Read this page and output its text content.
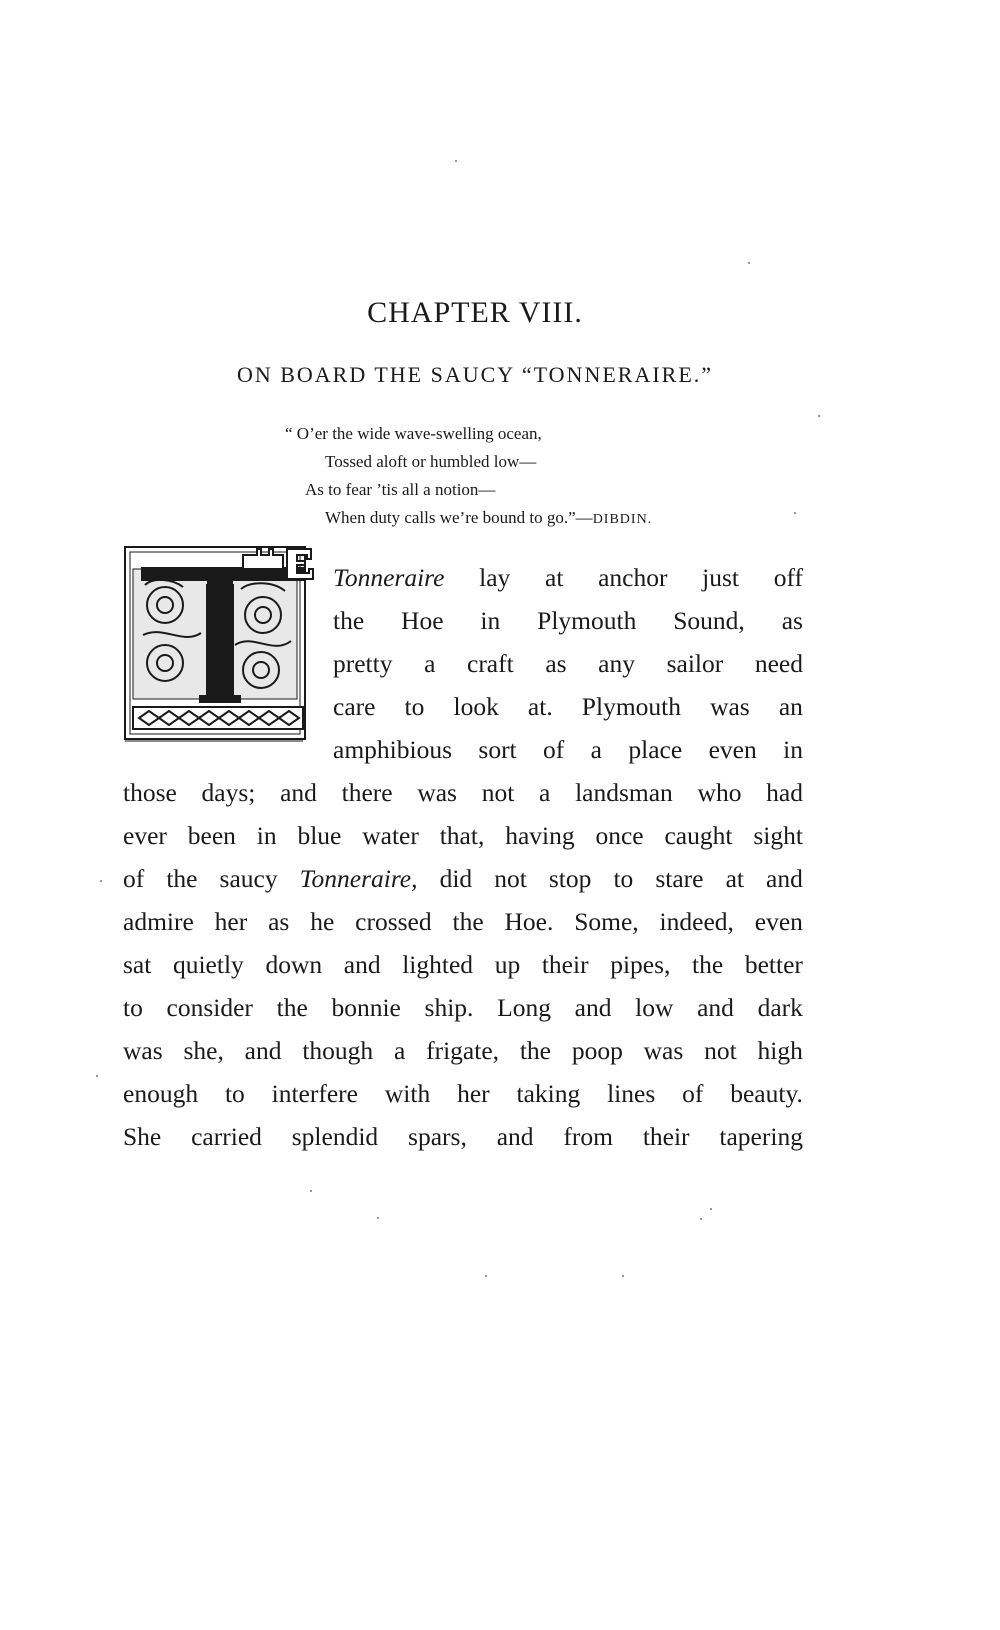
CHAPTER VIII.
ON BOARD THE SAUCY “TONNERAIRE.”
“ O’er the wide wave-swelling ocean,
Tossed aloft or humbled low—
As to fear ’tis all a notion—
When duty calls we’re bound to go.”—DIBDIN.
Tonneraire lay at anchor just off
the Hoe in Plymouth Sound, as
pretty a craft as any sailor need
care to look at. Plymouth was an
amphibious sort of a place even in
those days; and there was not a landsman who had
ever been in blue water that, having once caught sight
of the saucy Tonneraire, did not stop to stare at and
admire her as he crossed the Hoe. Some, indeed, even
sat quietly down and lighted up their pipes, the better
to consider the bonnie ship. Long and low and dark
was she, and though a frigate, the poop was not high
enough to interfere with her taking lines of beauty.
She carried splendid spars, and from their tapering
